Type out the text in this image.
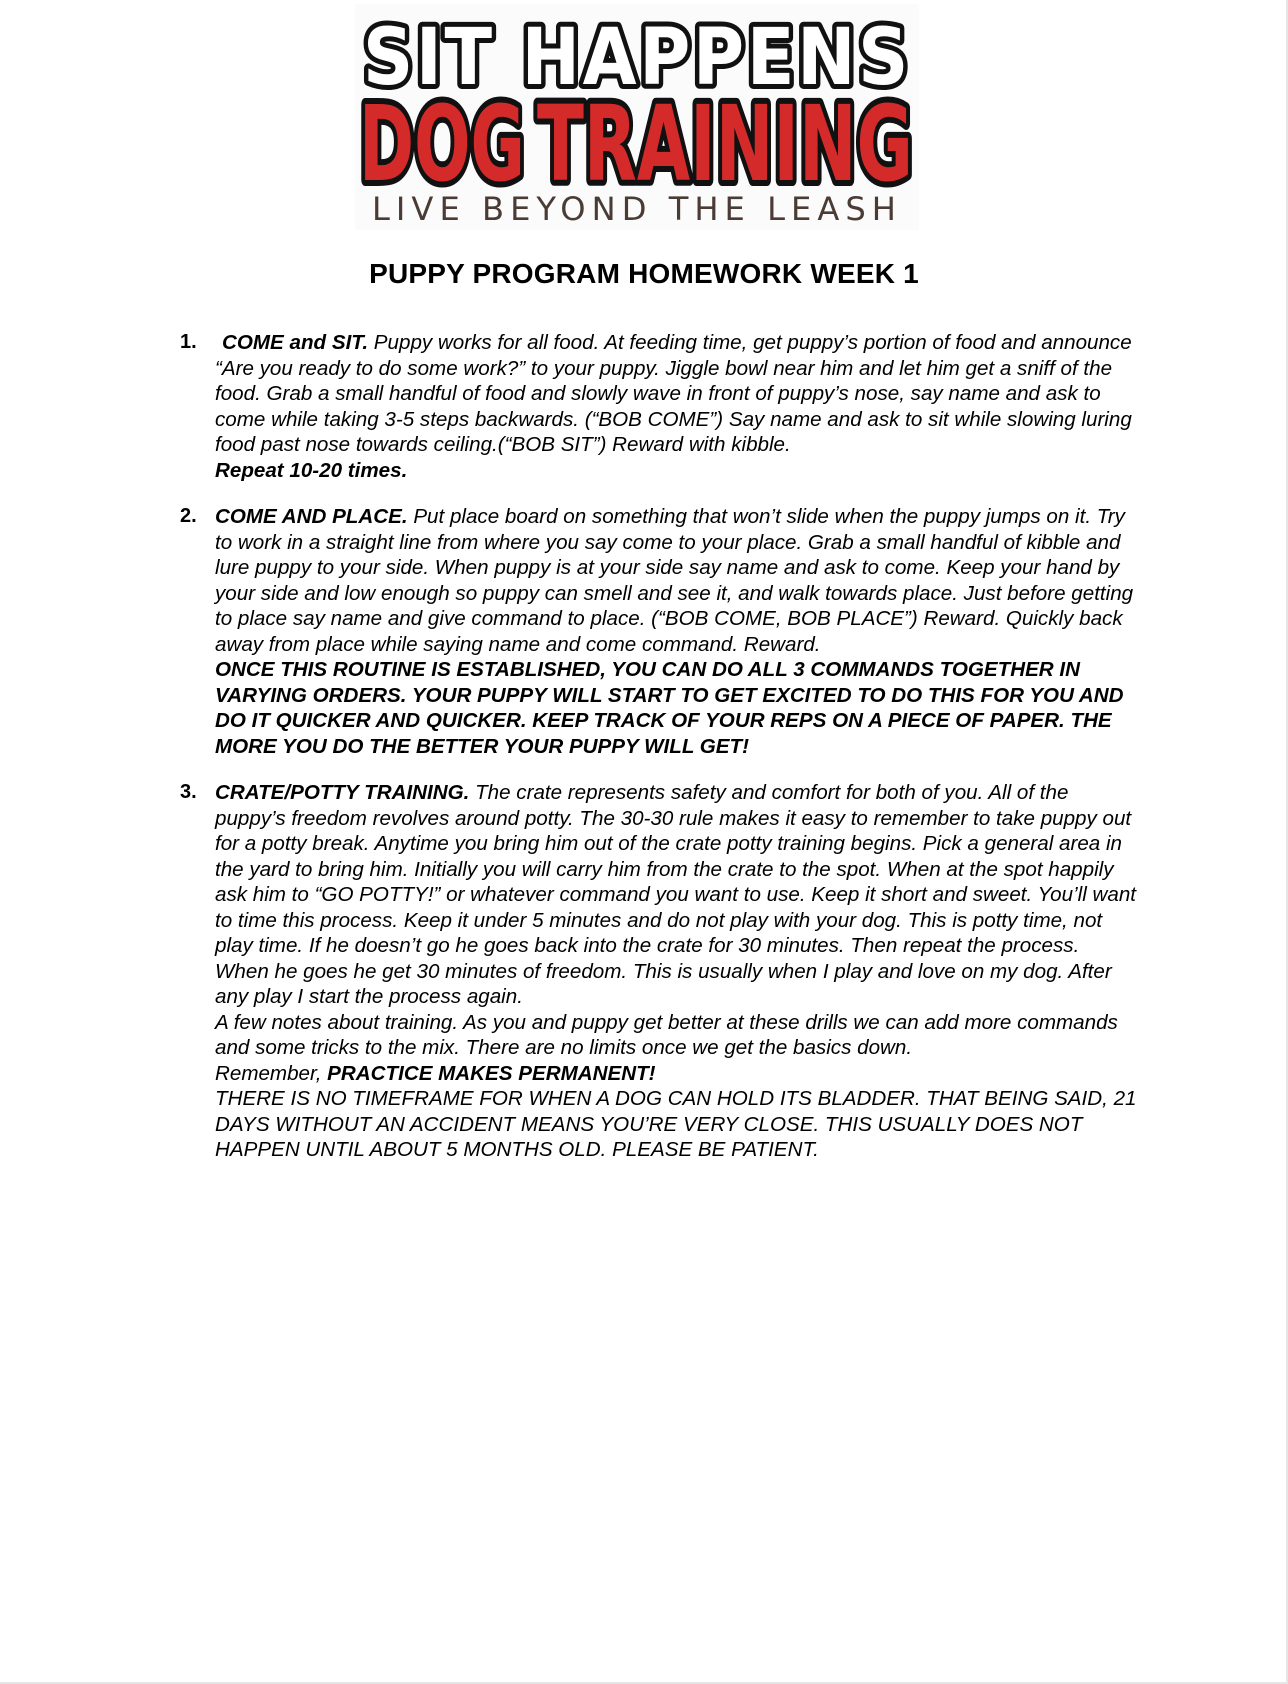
SIT HAPPENS
DOG TRAINING
LIVE BEYOND THE LEASH
PUPPY PROGRAM HOMEWORK WEEK 1
1. COME and SIT. Puppy works for all food. At feeding time, get puppy’s portion of food and announce “Are you ready to do some work?” to your puppy. Jiggle bowl near him and let him get a sniff of the food. Grab a small handful of food and slowly wave in front of puppy’s nose, say name and ask to come while taking 3-5 steps backwards. (“BOB COME”) Say name and ask to sit while slowing luring food past nose towards ceiling.(“BOB SIT”) Reward with kibble.
Repeat 10-20 times.
2. COME AND PLACE. Put place board on something that won’t slide when the puppy jumps on it. Try to work in a straight line from where you say come to your place. Grab a small handful of kibble and lure puppy to your side. When puppy is at your side say name and ask to come. Keep your hand by your side and low enough so puppy can smell and see it, and walk towards place. Just before getting to place say name and give command to place. (“BOB COME, BOB PLACE”) Reward. Quickly back away from place while saying name and come command. Reward.
ONCE THIS ROUTINE IS ESTABLISHED, YOU CAN DO ALL 3 COMMANDS TOGETHER IN VARYING ORDERS. YOUR PUPPY WILL START TO GET EXCITED TO DO THIS FOR YOU AND DO IT QUICKER AND QUICKER. KEEP TRACK OF YOUR REPS ON A PIECE OF PAPER. THE MORE YOU DO THE BETTER YOUR PUPPY WILL GET!
3. CRATE/POTTY TRAINING. The crate represents safety and comfort for both of you. All of the puppy’s freedom revolves around potty. The 30-30 rule makes it easy to remember to take puppy out for a potty break. Anytime you bring him out of the crate potty training begins. Pick a general area in the yard to bring him. Initially you will carry him from the crate to the spot. When at the spot happily ask him to “GO POTTY!” or whatever command you want to use. Keep it short and sweet. You’ll want to time this process. Keep it under 5 minutes and do not play with your dog. This is potty time, not play time. If he doesn’t go he goes back into the crate for 30 minutes. Then repeat the process. When he goes he get 30 minutes of freedom. This is usually when I play and love on my dog. After any play I start the process again.
A few notes about training. As you and puppy get better at these drills we can add more commands and some tricks to the mix. There are no limits once we get the basics down.
Remember, PRACTICE MAKES PERMANENT!
THERE IS NO TIMEFRAME FOR WHEN A DOG CAN HOLD ITS BLADDER. THAT BEING SAID, 21 DAYS WITHOUT AN ACCIDENT MEANS YOU’RE VERY CLOSE. THIS USUALLY DOES NOT HAPPEN UNTIL ABOUT 5 MONTHS OLD. PLEASE BE PATIENT.
